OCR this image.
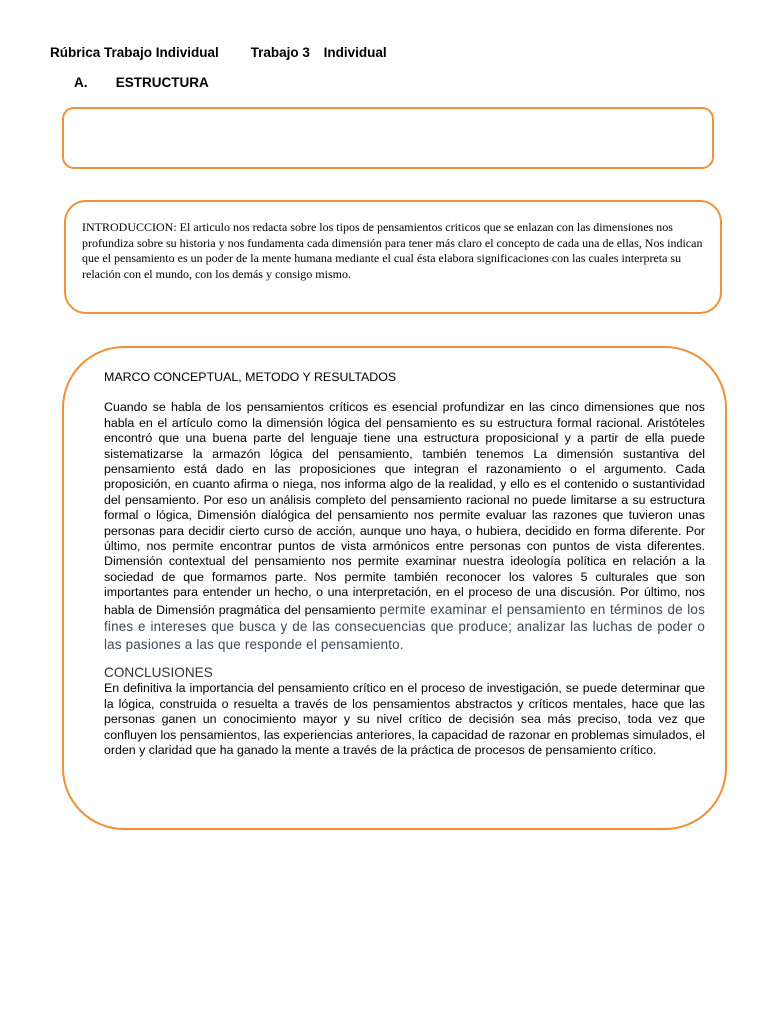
Rúbrica Trabajo Individual Trabajo 3 Individual
A. ESTRUCTURA
INTRODUCCION: El articulo nos redacta sobre los tipos de pensamientos criticos que se enlazan con las dimensiones nos profundiza sobre su historia y nos fundamenta cada dimensión para tener más claro el concepto de cada una de ellas, Nos indican que el pensamiento es un poder de la mente humana mediante el cual ésta elabora significaciones con las cuales interpreta su relación con el mundo, con los demás y consigo mismo.
MARCO CONCEPTUAL, METODO Y RESULTADOS
Cuando se habla de los pensamientos críticos es esencial profundizar en las cinco dimensiones que nos habla en el artículo como la dimensión lógica del pensamiento es su estructura formal racional. Aristóteles encontró que una buena parte del lenguaje tiene una estructura proposicional y a partir de ella puede sistematizarse la armazón lógica del pensamiento, también tenemos La dimensión sustantiva del pensamiento está dado en las proposiciones que integran el razonamiento o el argumento. Cada proposición, en cuanto afirma o niega, nos informa algo de la realidad, y ello es el contenido o sustantividad del pensamiento. Por eso un análisis completo del pensamiento racional no puede limitarse a su estructura formal o lógica, Dimensión dialógica del pensamiento nos permite evaluar las razones que tuvieron unas personas para decidir cierto curso de acción, aunque uno haya, o hubiera, decidido en forma diferente. Por último, nos permite encontrar puntos de vista armónicos entre personas con puntos de vista diferentes. Dimensión contextual del pensamiento nos permite examinar nuestra ideología política en relación a la sociedad de que formamos parte. Nos permite también reconocer los valores 5 culturales que son importantes para entender un hecho, o una interpretación, en el proceso de una discusión. Por último, nos habla de Dimensión pragmática del pensamiento permite examinar el pensamiento en términos de los fines e intereses que busca y de las consecuencias que produce; analizar las luchas de poder o las pasiones a las que responde el pensamiento.
CONCLUSIONES
En definitiva la importancia del pensamiento crítico en el proceso de investigación, se puede determinar que la lógica, construida o resuelta a través de los pensamientos abstractos y críticos mentales, hace que las personas ganen un conocimiento mayor y su nivel crítico de decisión sea más preciso, toda vez que confluyen los pensamientos, las experiencias anteriores, la capacidad de razonar en problemas simulados, el orden y claridad que ha ganado la mente a través de la práctica de procesos de pensamiento crítico.
